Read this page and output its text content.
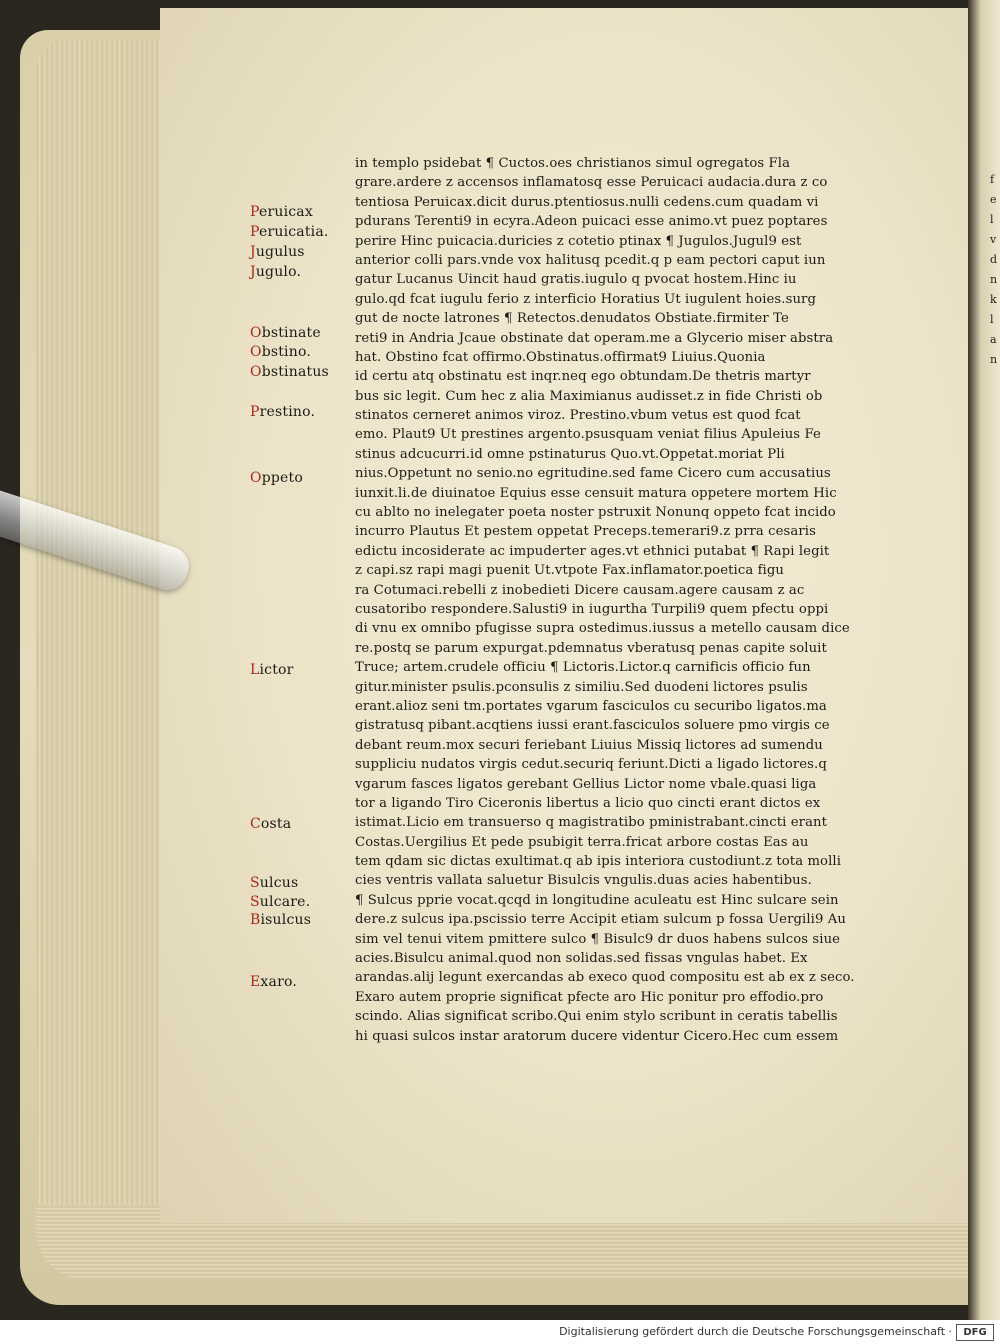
f
e
l
v
d
n
k
l
a
n
Peruicax
Peruicatia.
Jugulus
Jugulo.
Obstinate
Obstino.
Obstinatus
Prestino.
Oppeto
Lictor
Costa
Sulcus
Sulcare.
Bisulcus
Exaro.
in templo psidebat ¶ Cuctos.oes christianos simul ogregatos Fla
grare.ardere z accensos inflamatosq esse Peruicaci audacia.dura z co
tentiosa Peruicax.dicit durus.ptentiosus.nulli cedens.cum quadam vi
pdurans Terenti9 in ecyra.Adeon puicaci esse animo.vt puez poptares
perire Hinc puicacia.duricies z cotetio ptinax ¶ Jugulos.Jugul9 est
anterior colli pars.vnde vox halitusq pcedit.q p eam pectori caput iun
gatur Lucanus Uincit haud gratis.iugulo q pvocat hostem.Hinc iu
gulo.qd fcat iugulu ferio z interficio Horatius Ut iugulent hoies.surg
gut de nocte latrones ¶ Retectos.denudatos Obstiate.firmiter Te
reti9 in Andria Jcaue obstinate dat operam.me a Glycerio miser abstra
hat. Obstino fcat offirmo.Obstinatus.offirmat9 Liuius.Quonia
id certu atq obstinatu est inqr.neq ego obtundam.De thetris martyr
bus sic legit. Cum hec z alia Maximianus audisset.z in fide Christi ob
stinatos cerneret animos viroz. Prestino.vbum vetus est quod fcat
emo. Plaut9 Ut prestines argento.psusquam veniat filius Apuleius Fe
stinus adcucurri.id omne pstinaturus Quo.vt.Oppetat.moriat Pli
nius.Oppetunt no senio.no egritudine.sed fame Cicero cum accusatius
iunxit.li.de diuinatoe Equius esse censuit matura oppetere mortem Hic
cu ablto no inelegater poeta noster pstruxit Nonunq oppeto fcat incido
incurro Plautus Et pestem oppetat Preceps.temerari9.z prra cesaris
edictu incosiderate ac impuderter ages.vt ethnici putabat ¶ Rapi legit
z capi.sz rapi magi puenit Ut.vtpote Fax.inflamator.poetica figu
ra Cotumaci.rebelli z inobedieti Dicere causam.agere causam z ac
cusatoribo respondere.Salusti9 in iugurtha Turpili9 quem pfectu oppi
di vnu ex omnibo pfugisse supra ostedimus.iussus a metello causam dice
re.postq se parum expurgat.pdemnatus vberatusq penas capite soluit
Truce; artem.crudele officiu ¶ Lictoris.Lictor.q carnificis officio fun
gitur.minister psulis.pconsulis z similiu.Sed duodeni lictores psulis
erant.alioz seni tm.portates vgarum fasciculos cu securibo ligatos.ma
gistratusq pibant.acqtiens iussi erant.fasciculos soluere pmo virgis ce
debant reum.mox securi feriebant Liuius Missiq lictores ad sumendu
suppliciu nudatos virgis cedut.securiq feriunt.Dicti a ligado lictores.q
vgarum fasces ligatos gerebant Gellius Lictor nome vbale.quasi liga
tor a ligando Tiro Ciceronis libertus a licio quo cincti erant dictos ex
istimat.Licio em transuerso q magistratibo pministrabant.cincti erant
Costas.Uergilius Et pede psubigit terra.fricat arbore costas Eas au
tem qdam sic dictas exultimat.q ab ipis interiora custodiunt.z tota molli
cies ventris vallata saluetur Bisulcis vngulis.duas acies habentibus.
¶ Sulcus pprie vocat.qcqd in longitudine aculeatu est Hinc sulcare sein
dere.z sulcus ipa.pscissio terre Accipit etiam sulcum p fossa Uergili9 Au
sim vel tenui vitem pmittere sulco ¶ Bisulc9 dr duos habens sulcos siue
acies.Bisulcu animal.quod non solidas.sed fissas vngulas habet. Ex
arandas.alij legunt exercandas ab execo quod compositu est ab ex z seco.
Exaro autem proprie significat pfecte aro Hic ponitur pro effodio.pro
scindo. Alias significat scribo.Qui enim stylo scribunt in ceratis tabellis
hi quasi sulcos instar aratorum ducere videntur Cicero.Hec cum essem
Digitalisierung gefördert durch die Deutsche Forschungsgemeinschaft ·	DFG
